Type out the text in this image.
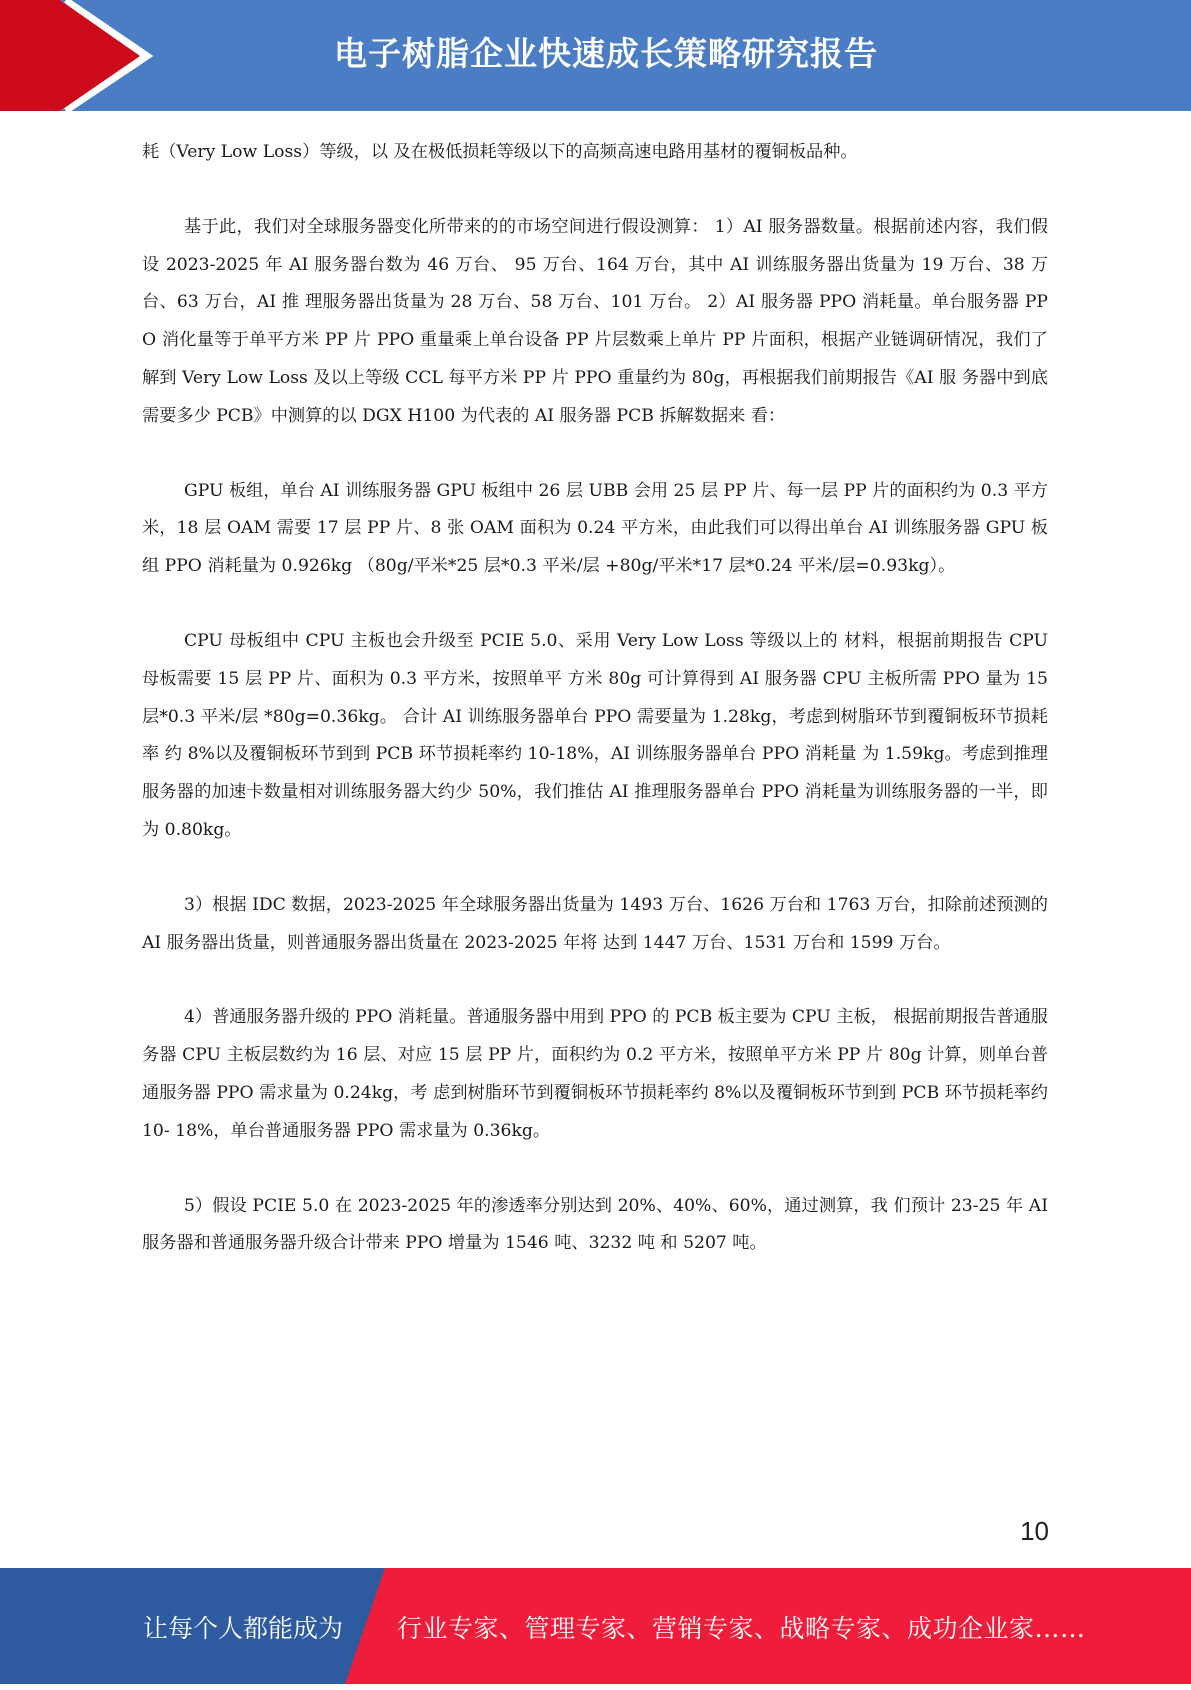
电子树脂企业快速成长策略研究报告

耗（Very Low Loss）等级，以 及在极低损耗等级以下的高频高速电路用基材的覆铜板品种。

基于此，我们对全球服务器变化所带来的的市场空间进行假设测算： 1）AI 服务器数量。根据前述内容，我们假设 2023-2025 年 AI 服务器台数为 46 万台、 95 万台、164 万台，其中 AI 训练服务器出货量为 19 万台、38 万台、63 万台，AI 推 理服务器出货量为 28 万台、58 万台、101 万台。 2）AI 服务器 PPO 消耗量。单台服务器 PPO 消化量等于单平方米 PP 片 PPO 重量乘上单台设备 PP 片层数乘上单片 PP 片面积，根据产业链调研情况，我们了解到 Very Low Loss 及以上等级 CCL 每平方米 PP 片 PPO 重量约为 80g，再根据我们前期报告《AI 服 务器中到底需要多少 PCB》中测算的以 DGX H100 为代表的 AI 服务器 PCB 拆解数据来 看：

GPU 板组，单台 AI 训练服务器 GPU 板组中 26 层 UBB 会用 25 层 PP 片、每一层 PP 片的面积约为 0.3 平方米，18 层 OAM 需要 17 层 PP 片、8 张 OAM 面积为 0.24 平方米，由此我们可以得出单台 AI 训练服务器 GPU 板组 PPO 消耗量为 0.926kg （80g/平米*25 层*0.3 平米/层 +80g/平米*17 层*0.24 平米/层=0.93kg）。

CPU 母板组中 CPU 主板也会升级至 PCIE 5.0、采用 Very Low Loss 等级以上的 材料，根据前期报告 CPU 母板需要 15 层 PP 片、面积为 0.3 平方米，按照单平 方米 80g 可计算得到 AI 服务器 CPU 主板所需 PPO 量为 15 层*0.3 平米/层 *80g=0.36kg。 合计 AI 训练服务器单台 PPO 需要量为 1.28kg，考虑到树脂环节到覆铜板环节损耗率 约 8%以及覆铜板环节到到 PCB 环节损耗率约 10-18%，AI 训练服务器单台 PPO 消耗量 为 1.59kg。考虑到推理服务器的加速卡数量相对训练服务器大约少 50%，我们推估 AI 推理服务器单台 PPO 消耗量为训练服务器的一半，即为 0.80kg。

3）根据 IDC 数据，2023-2025 年全球服务器出货量为 1493 万台、1626 万台和 1763 万台，扣除前述预测的 AI 服务器出货量，则普通服务器出货量在 2023-2025 年将 达到 1447 万台、1531 万台和 1599 万台。

4）普通服务器升级的 PPO 消耗量。普通服务器中用到 PPO 的 PCB 板主要为 CPU 主板， 根据前期报告普通服务器 CPU 主板层数约为 16 层、对应 15 层 PP 片，面积约为 0.2 平方米，按照单平方米 PP 片 80g 计算，则单台普通服务器 PPO 需求量为 0.24kg，考 虑到树脂环节到覆铜板环节损耗率约 8%以及覆铜板环节到到 PCB 环节损耗率约 10- 18%，单台普通服务器 PPO 需求量为 0.36kg。

5）假设 PCIE 5.0 在 2023-2025 年的渗透率分别达到 20%、40%、60%，通过测算，我 们预计 23-25 年 AI 服务器和普通服务器升级合计带来 PPO 增量为 1546 吨、3232 吨 和 5207 吨。

10
让每个人都能成为 行业专家、管理专家、营销专家、战略专家、成功企业家……
